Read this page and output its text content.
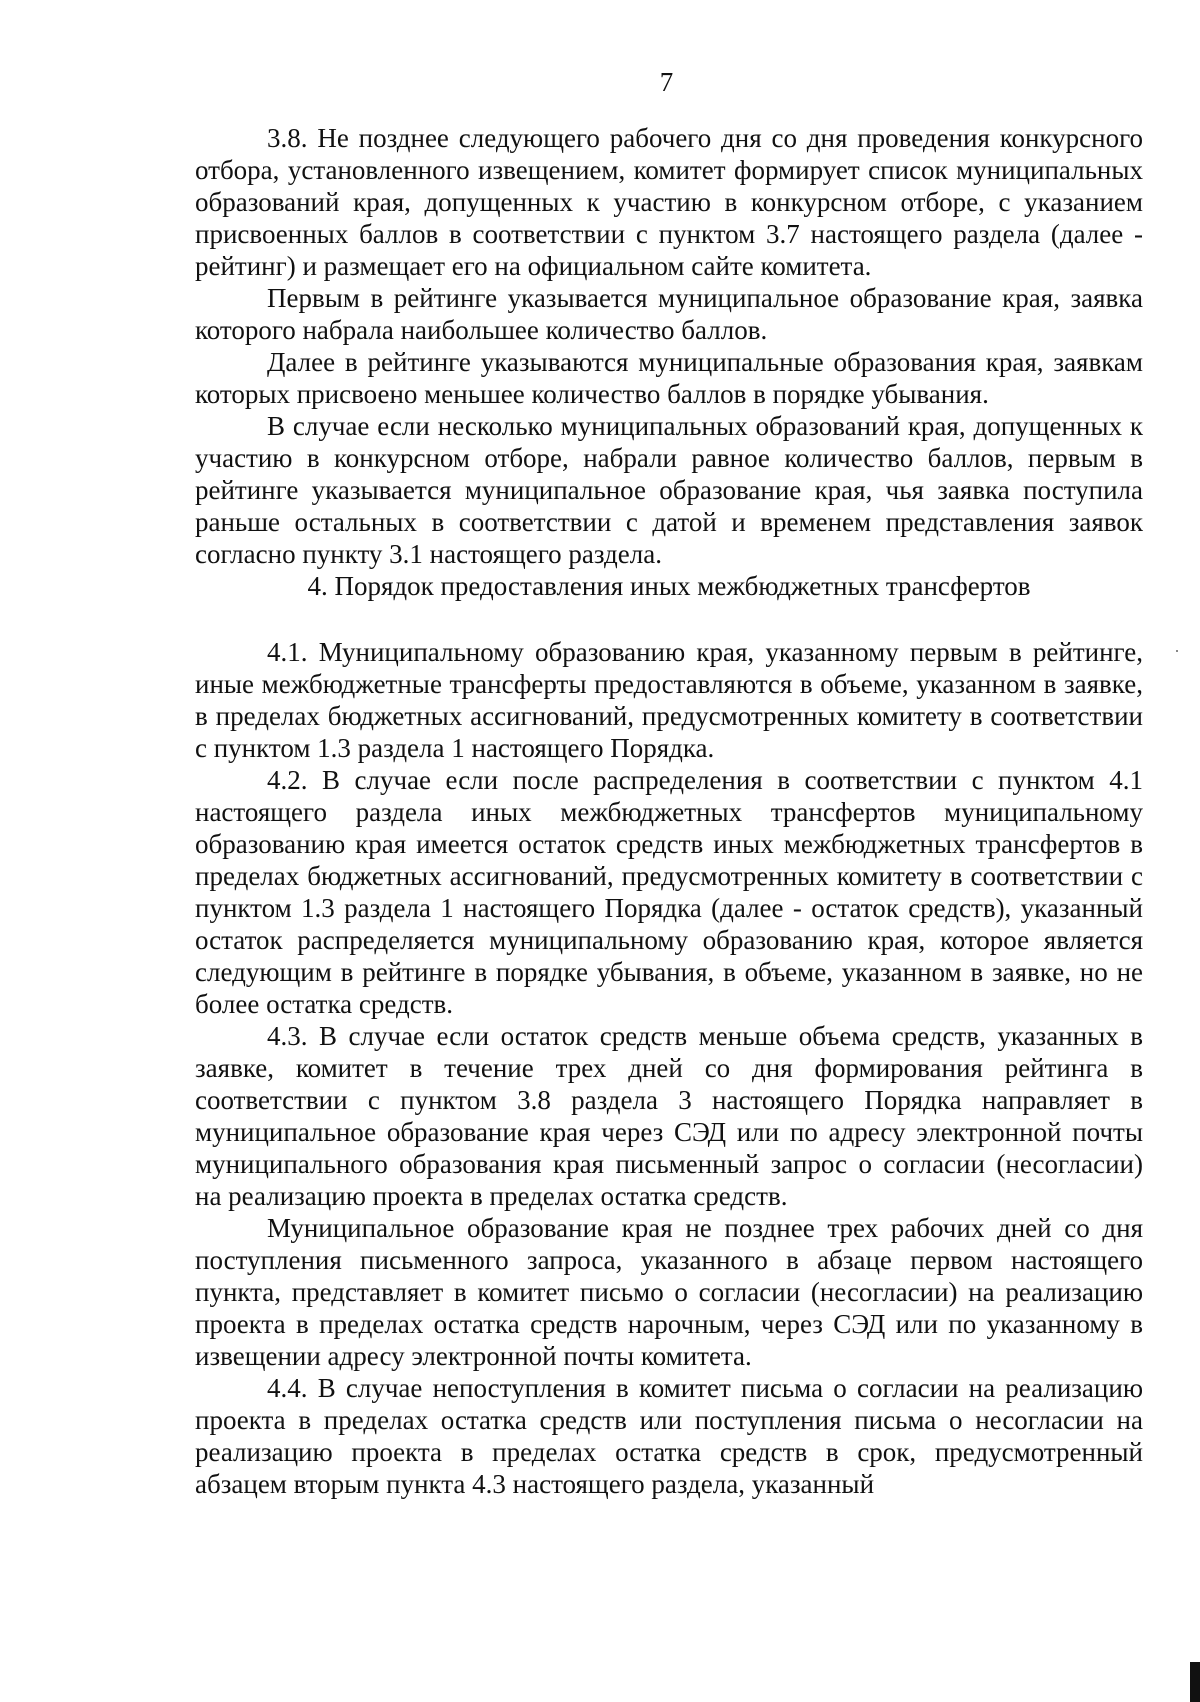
7

3.8. Не позднее следующего рабочего дня со дня проведения конкурсного отбора, установленного извещением, комитет формирует список муниципальных образований края, допущенных к участию в конкурсном отборе, с указанием присвоенных баллов в соответствии с пунктом 3.7 настоящего раздела (далее - рейтинг) и размещает его на официальном сайте комитета.

Первым в рейтинге указывается муниципальное образование края, заявка которого набрала наибольшее количество баллов.

Далее в рейтинге указываются муниципальные образования края, заявкам которых присвоено меньшее количество баллов в порядке убывания.

В случае если несколько муниципальных образований края, допущенных к участию в конкурсном отборе, набрали равное количество баллов, первым в рейтинге указывается муниципальное образование края, чья заявка поступила раньше остальных в соответствии с датой и временем представления заявок согласно пункту 3.1 настоящего раздела.

4. Порядок предоставления иных межбюджетных трансфертов

4.1. Муниципальному образованию края, указанному первым в рейтинге, иные межбюджетные трансферты предоставляются в объеме, указанном в заявке, в пределах бюджетных ассигнований, предусмотренных комитету в соответствии с пунктом 1.3 раздела 1 настоящего Порядка.

4.2. В случае если после распределения в соответствии с пунктом 4.1 настоящего раздела иных межбюджетных трансфертов муниципальному образованию края имеется остаток средств иных межбюджетных трансфертов в пределах бюджетных ассигнований, предусмотренных комитету в соответствии с пунктом 1.3 раздела 1 настоящего Порядка (далее - остаток средств), указанный остаток распределяется муниципальному образованию края, которое является следующим в рейтинге в порядке убывания, в объеме, указанном в заявке, но не более остатка средств.

4.3. В случае если остаток средств меньше объема средств, указанных в заявке, комитет в течение трех дней со дня формирования рейтинга в соответствии с пунктом 3.8 раздела 3 настоящего Порядка направляет в муниципальное образование края через СЭД или по адресу электронной почты муниципального образования края письменный запрос о согласии (несогласии) на реализацию проекта в пределах остатка средств.

Муниципальное образование края не позднее трех рабочих дней со дня поступления письменного запроса, указанного в абзаце первом настоящего пункта, представляет в комитет письмо о согласии (несогласии) на реализацию проекта в пределах остатка средств нарочным, через СЭД или по указанному в извещении адресу электронной почты комитета.

4.4. В случае непоступления в комитет письма о согласии на реализацию проекта в пределах остатка средств или поступления письма о несогласии на реализацию проекта в пределах остатка средств в срок, предусмотренный абзацем вторым пункта 4.3 настоящего раздела, указанный
